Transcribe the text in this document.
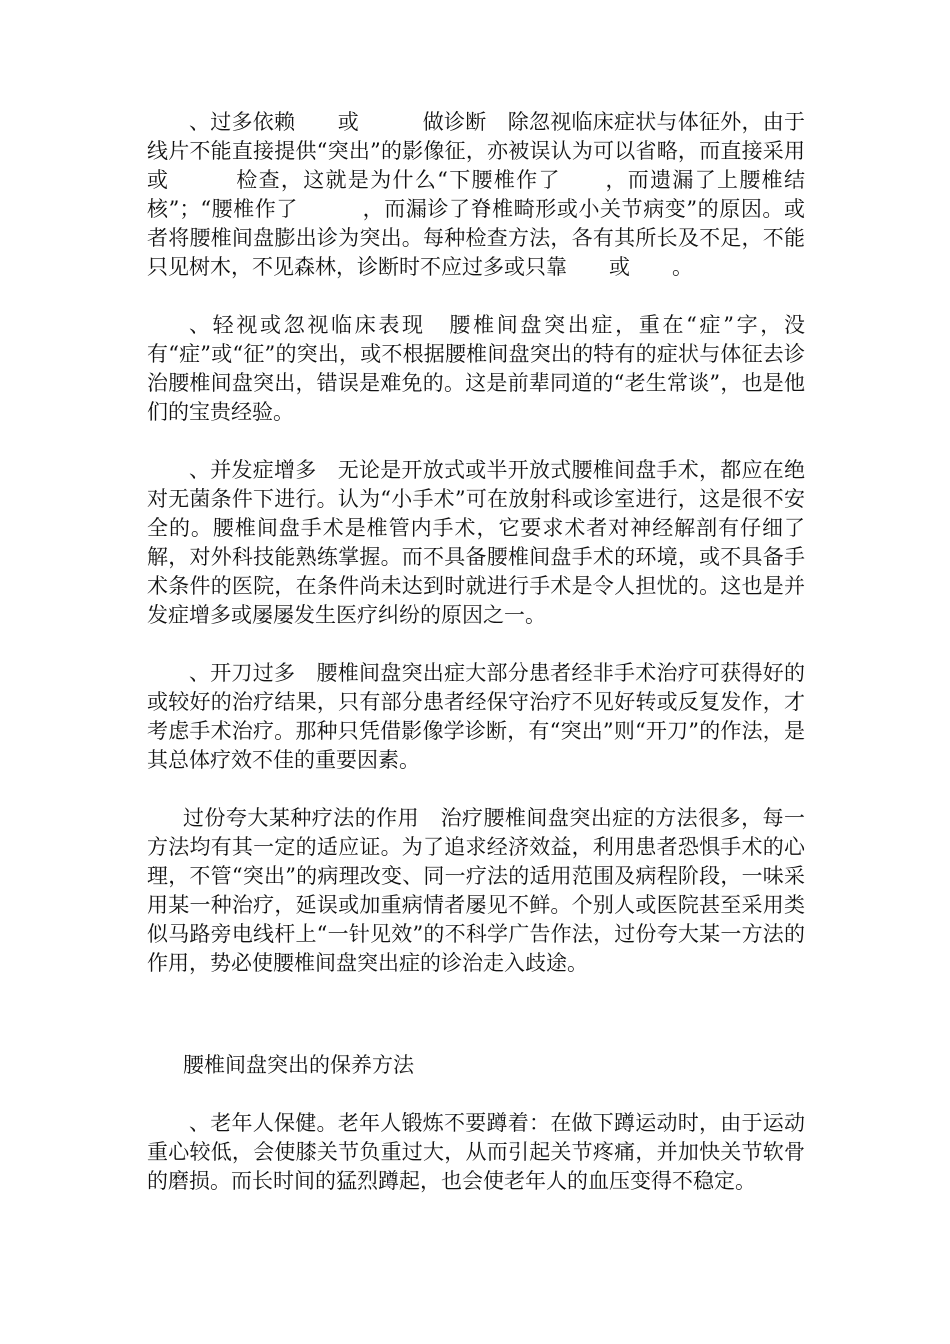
、过多依赖　　或　　　做诊断　除忽视临床症状与体征外，由于　线片不能直接提供“突出”的影像征，亦被误认为可以省略，而直接采用　　或　　　检查，这就是为什么“下腰椎作了　　，而遗漏了上腰椎结核”；“腰椎作了　　　，而漏诊了脊椎畸形或小关节病变”的原因。或者将腰椎间盘膨出诊为突出。每种检查方法，各有其所长及不足，不能只见树木，不见森林，诊断时不应过多或只靠　　或　　。

、轻视或忽视临床表现　腰椎间盘突出症，重在“症”字，没有“症”或“征”的突出，或不根据腰椎间盘突出的特有的症状与体征去诊治腰椎间盘突出，错误是难免的。这是前辈同道的“老生常谈”，也是他们的宝贵经验。

、并发症增多　无论是开放式或半开放式腰椎间盘手术，都应在绝对无菌条件下进行。认为“小手术”可在放射科或诊室进行，这是很不安全的。腰椎间盘手术是椎管内手术，它要求术者对神经解剖有仔细了解，对外科技能熟练掌握。而不具备腰椎间盘手术的环境，或不具备手术条件的医院，在条件尚未达到时就进行手术是令人担忧的。这也是并发症增多或屡屡发生医疗纠纷的原因之一。

、开刀过多　腰椎间盘突出症大部分患者经非手术治疗可获得好的或较好的治疗结果，只有部分患者经保守治疗不见好转或反复发作，才考虑手术治疗。那种只凭借影像学诊断，有“突出”则“开刀”的作法，是其总体疗效不佳的重要因素。

过份夸大某种疗法的作用　治疗腰椎间盘突出症的方法很多，每一方法均有其一定的适应证。为了追求经济效益，利用患者恐惧手术的心理，不管“突出”的病理改变、同一疗法的适用范围及病程阶段，一味采用某一种治疗，延误或加重病情者屡见不鲜。个别人或医院甚至采用类似马路旁电线杆上“一针见效”的不科学广告作法，过份夸大某一方法的作用，势必使腰椎间盘突出症的诊治走入歧途。

腰椎间盘突出的保养方法

、老年人保健。老年人锻炼不要蹲着：在做下蹲运动时，由于运动重心较低，会使膝关节负重过大，从而引起关节疼痛，并加快关节软骨的磨损。而长时间的猛烈蹲起，也会使老年人的血压变得不稳定。
